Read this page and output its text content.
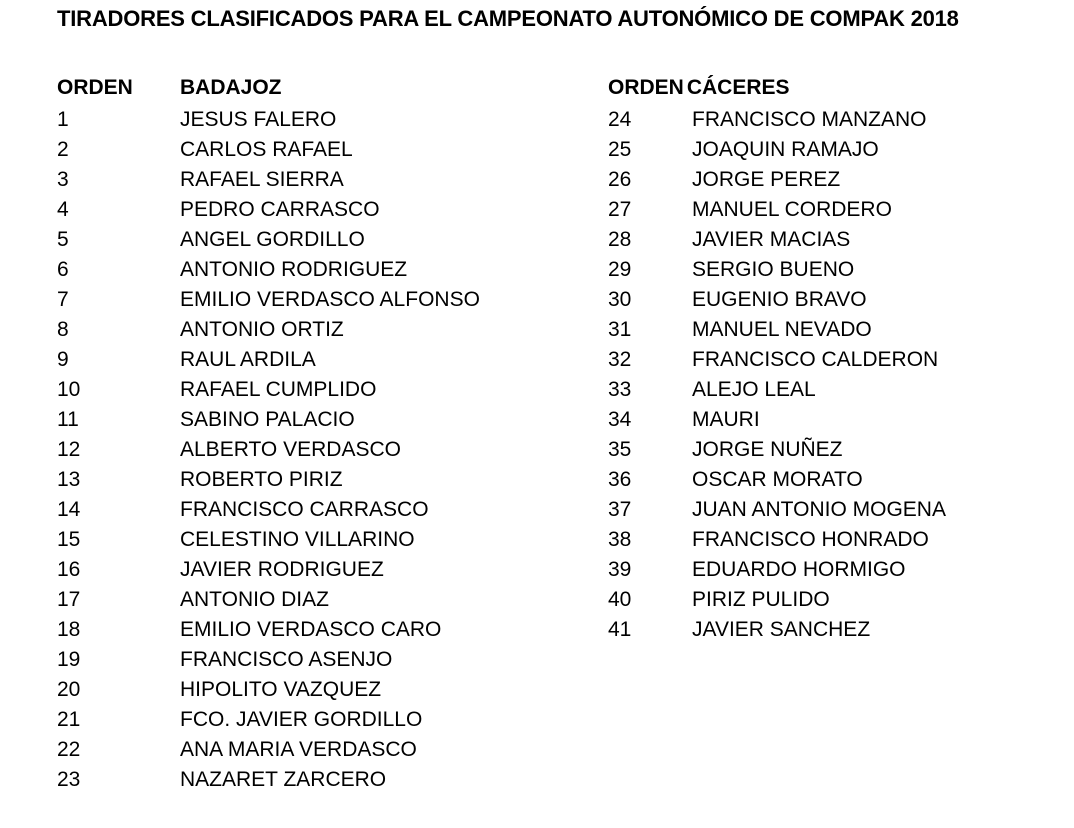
TIRADORES CLASIFICADOS PARA EL CAMPEONATO AUTONÓMICO DE COMPAK 2018
ORDEN	BADAJOZ
1	JESUS FALERO
2	CARLOS RAFAEL
3	RAFAEL SIERRA
4	PEDRO CARRASCO
5	ANGEL GORDILLO
6	ANTONIO RODRIGUEZ
7	EMILIO VERDASCO ALFONSO
8	ANTONIO ORTIZ
9	RAUL ARDILA
10	RAFAEL CUMPLIDO
11	SABINO PALACIO
12	ALBERTO VERDASCO
13	ROBERTO PIRIZ
14	FRANCISCO CARRASCO
15	CELESTINO VILLARINO
16	JAVIER RODRIGUEZ
17	ANTONIO DIAZ
18	EMILIO VERDASCO CARO
19	FRANCISCO ASENJO
20	HIPOLITO VAZQUEZ
21	FCO. JAVIER GORDILLO
22	ANA MARIA VERDASCO
23	NAZARET ZARCERO
ORDEN CÁCERES
24	FRANCISCO MANZANO
25	JOAQUIN RAMAJO
26	JORGE PEREZ
27	MANUEL CORDERO
28	JAVIER MACIAS
29	SERGIO BUENO
30	EUGENIO BRAVO
31	MANUEL NEVADO
32	FRANCISCO CALDERON
33	ALEJO LEAL
34	MAURI
35	JORGE NUÑEZ
36	OSCAR MORATO
37	JUAN ANTONIO MOGENA
38	FRANCISCO HONRADO
39	EDUARDO HORMIGO
40	PIRIZ PULIDO
41	JAVIER SANCHEZ
